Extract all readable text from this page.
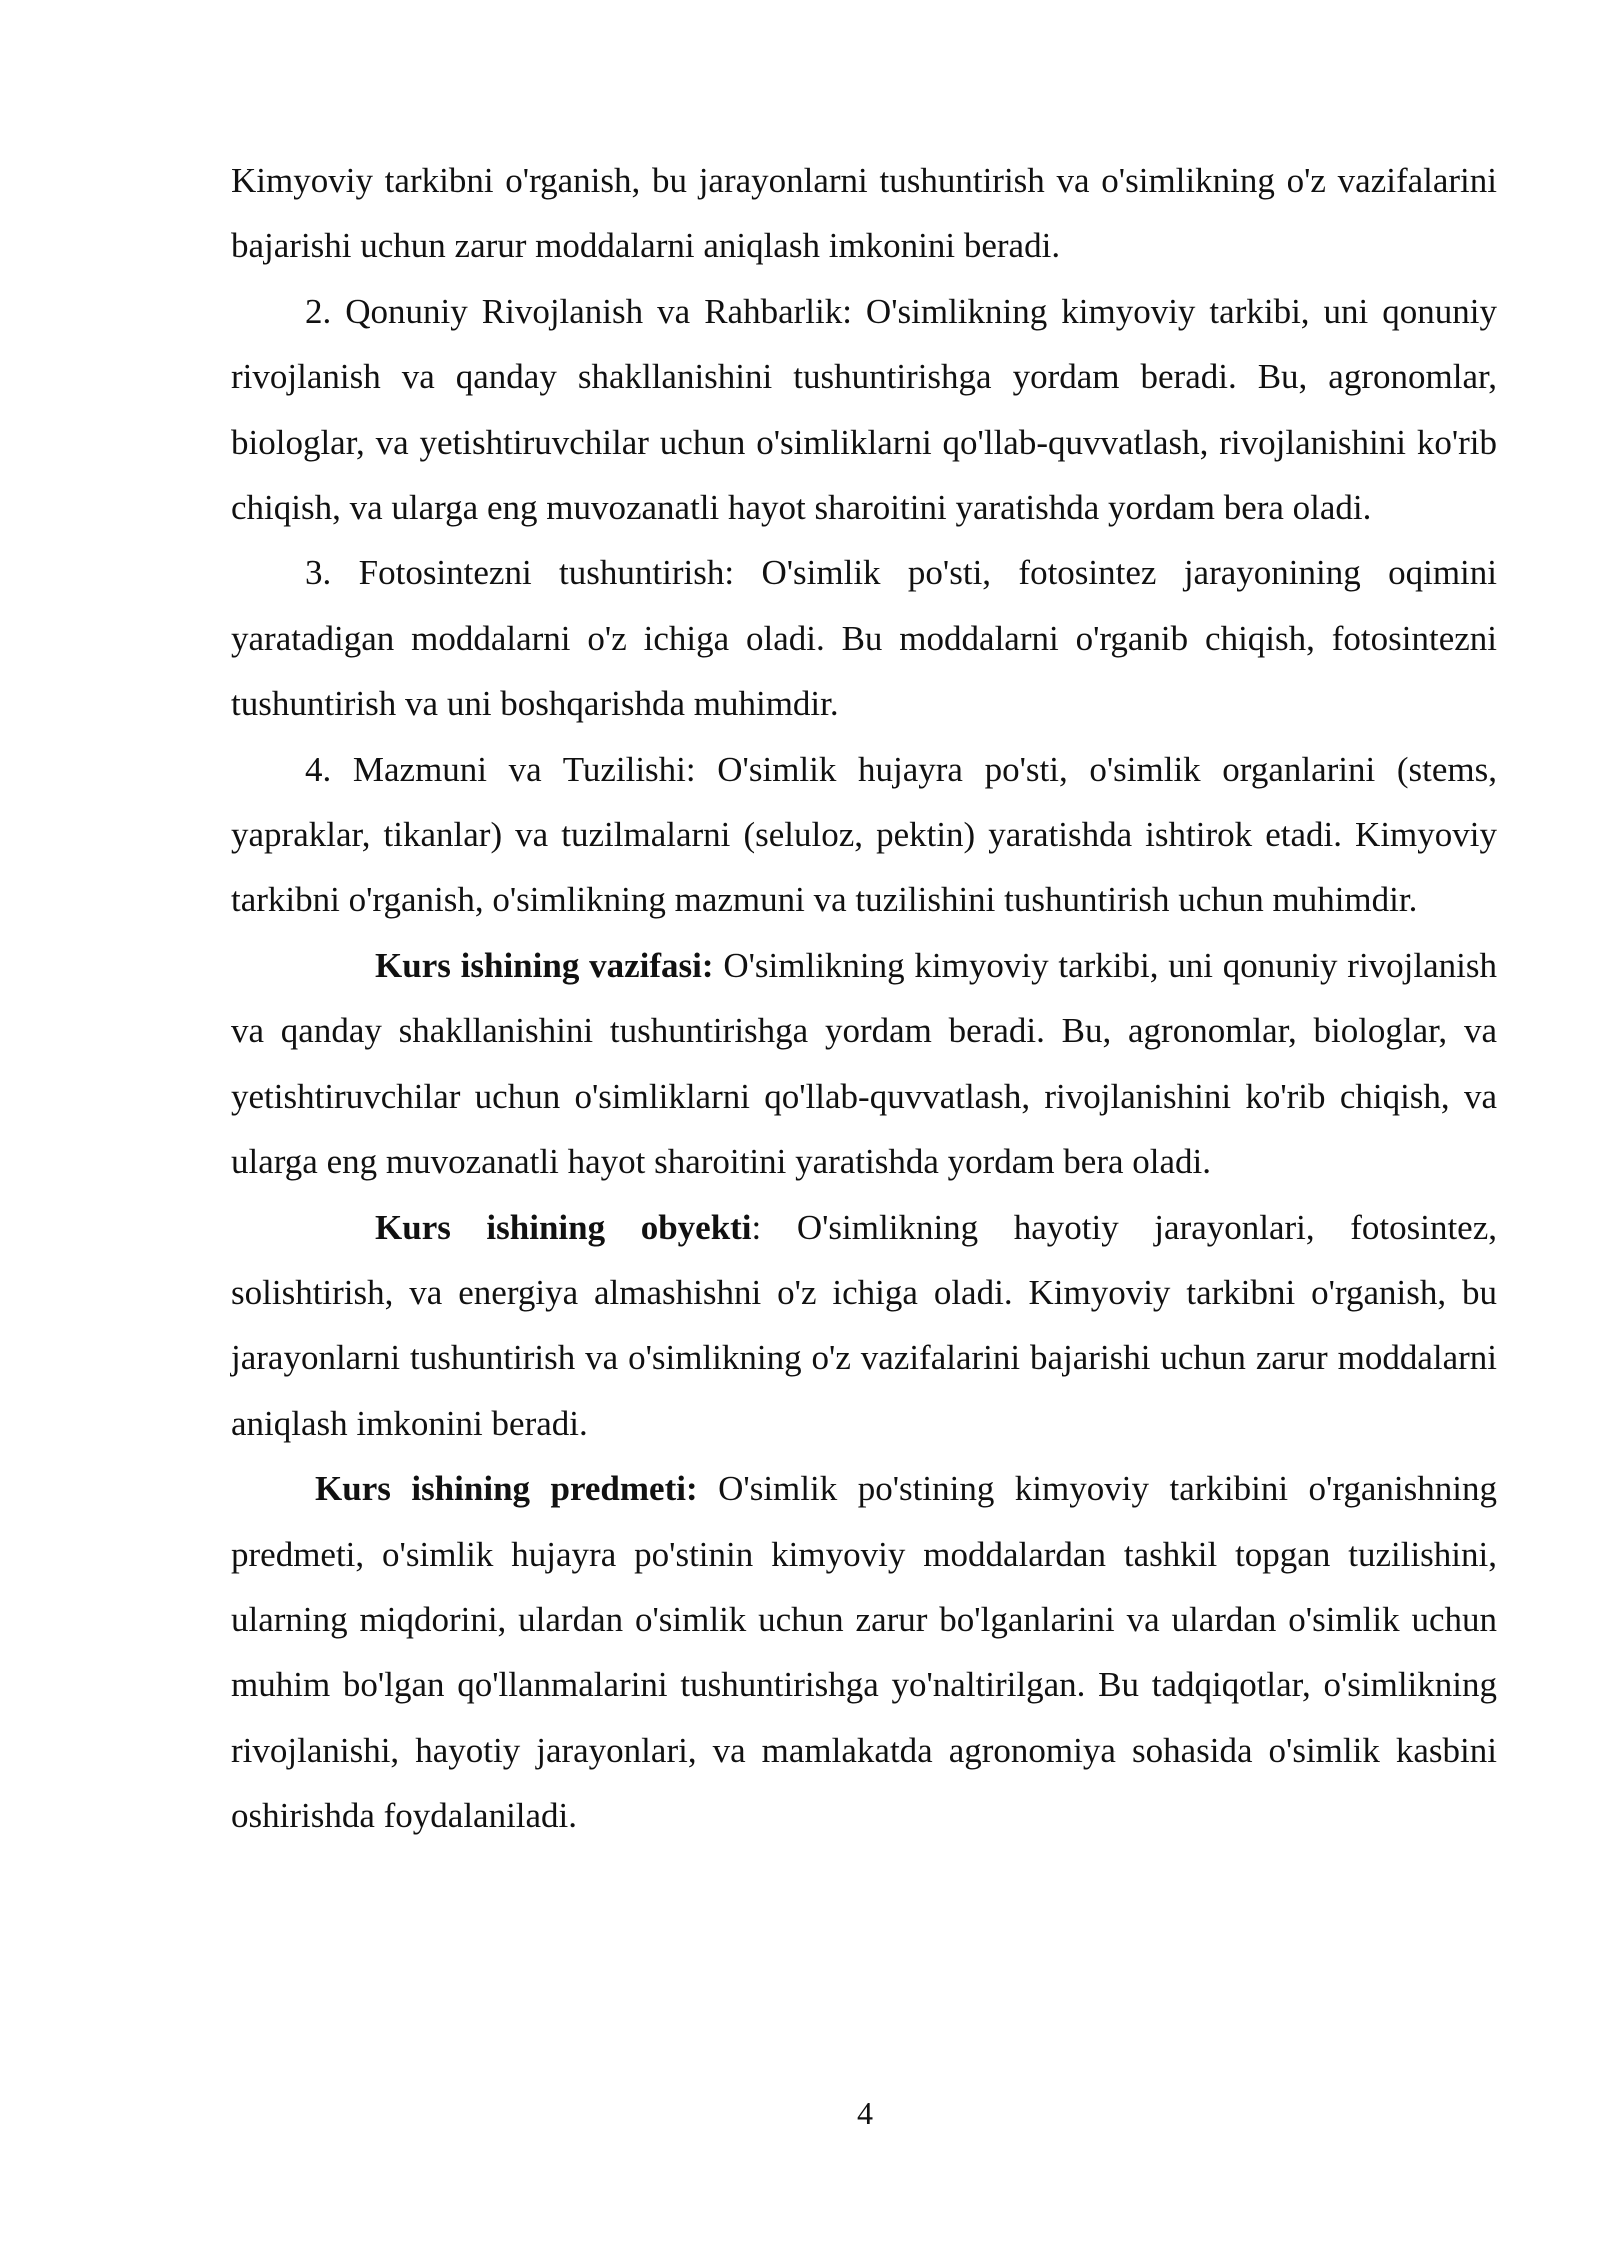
Kimyoviy tarkibni o'rganish, bu jarayonlarni tushuntirish va o'simlikning o'z vazifalarini bajarishi uchun zarur moddalarni aniqlash imkonini beradi.

2. Qonuniy Rivojlanish va Rahbarlik: O'simlikning kimyoviy tarkibi, uni qonuniy rivojlanish va qanday shakllanishini tushuntirishga yordam beradi. Bu, agronomlar, biologlar, va yetishtiruvchilar uchun o'simliklarni qo'llab-quvvatlash, rivojlanishini ko'rib chiqish, va ularga eng muvozanatli hayot sharoitini yaratishda yordam bera oladi.

3. Fotosintezni tushuntirish: O'simlik po'sti, fotosintez jarayonining oqimini yaratadigan moddalarni o'z ichiga oladi. Bu moddalarni o'rganib chiqish, fotosintezni tushuntirish va uni boshqarishda muhimdir.

4. Mazmuni va Tuzilishi: O'simlik hujayra po'sti, o'simlik organlarini (stems, yapraklar, tikanlar) va tuzilmalarni (seluloz, pektin) yaratishda ishtirok etadi. Kimyoviy tarkibni o'rganish, o'simlikning mazmuni va tuzilishini tushuntirish uchun muhimdir.

Kurs ishining vazifasi: O'simlikning kimyoviy tarkibi, uni qonuniy rivojlanish va qanday shakllanishini tushuntirishga yordam beradi. Bu, agronomlar, biologlar, va yetishtiruvchilar uchun o'simliklarni qo'llab-quvvatlash, rivojlanishini ko'rib chiqish, va ularga eng muvozanatli hayot sharoitini yaratishda yordam bera oladi.

Kurs ishining obyekti: O'simlikning hayotiy jarayonlari, fotosintez, solishtirish, va energiya almashishni o'z ichiga oladi. Kimyoviy tarkibni o'rganish, bu jarayonlarni tushuntirish va o'simlikning o'z vazifalarini bajarishi uchun zarur moddalarni aniqlash imkonini beradi.

Kurs ishining predmeti: O'simlik po'stining kimyoviy tarkibini o'rganishning predmeti, o'simlik hujayra po'stinin kimyoviy moddalardan tashkil topgan tuzilishini, ularning miqdorini, ulardan o'simlik uchun zarur bo'lganlarini va ulardan o'simlik uchun muhim bo'lgan qo'llanmalarini tushuntirishga yo'naltirilgan. Bu tadqiqotlar, o'simlikning rivojlanishi, hayotiy jarayonlari, va mamlakatda agronomiya sohasida o'simlik kasbini oshirishda foydalaniladi.

4
